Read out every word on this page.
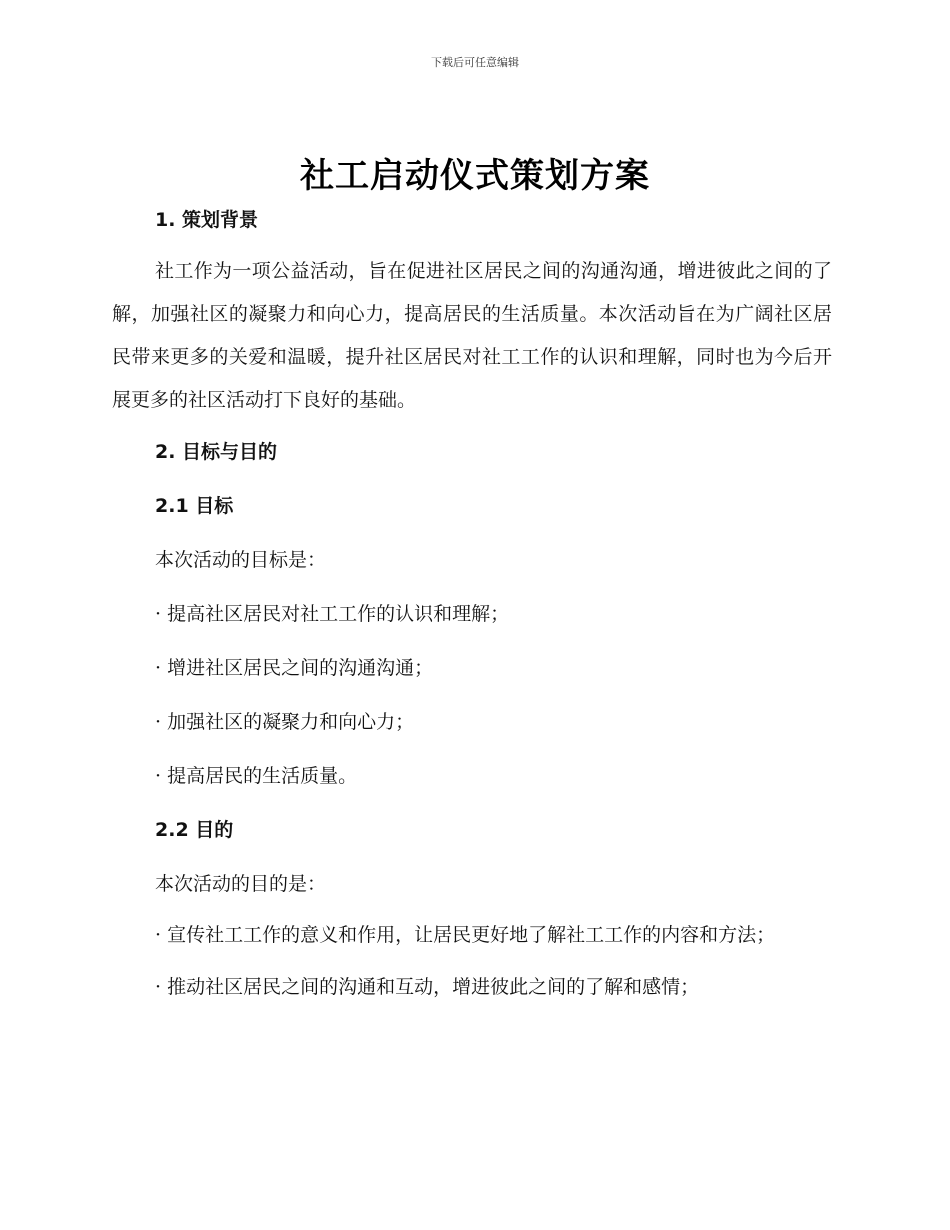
下载后可任意编辑
社工启动仪式策划方案

1. 策划背景

社工作为一项公益活动，旨在促进社区居民之间的沟通沟通，增进彼此之间的了解，加强社区的凝聚力和向心力，提高居民的生活质量。本次活动旨在为广阔社区居民带来更多的关爱和温暖，提升社区居民对社工工作的认识和理解，同时也为今后开展更多的社区活动打下良好的基础。

2. 目标与目的

2.1 目标

本次活动的目标是：

· 提高社区居民对社工工作的认识和理解；

· 增进社区居民之间的沟通沟通；

· 加强社区的凝聚力和向心力；

· 提高居民的生活质量。

2.2 目的

本次活动的目的是：

· 宣传社工工作的意义和作用，让居民更好地了解社工工作的内容和方法；

· 推动社区居民之间的沟通和互动，增进彼此之间的了解和感情；
